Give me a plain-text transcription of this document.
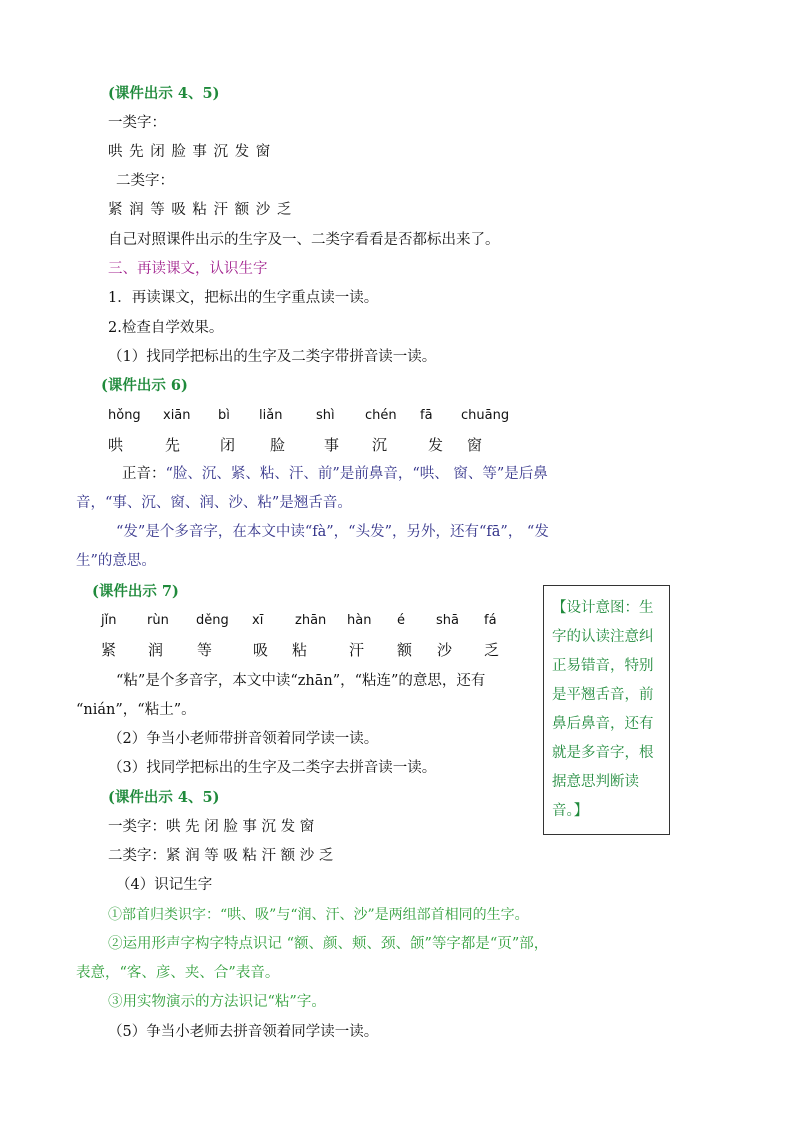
(课件出示 4、5)
一类字：
哄 先 闭 脸 事 沉 发 窗
二类字：
紧 润 等 吸 粘 汗 额 沙 乏
自己对照课件出示的生字及一、二类字看看是否都标出来了。
三、再读课文，认识生字
1．再读课文，把标出的生字重点读一读。
2.检查自学效果。
（1）找同学把标出的生字及二类字带拼音读一读。
(课件出示 6)
hǒng xiān bì liǎn	shì chén fā chuāng
哄	先	闭 脸	事 沉	发 窗
正音：“脸、沉、紧、粘、汗、前”是前鼻音，“哄、 窗、等”是后鼻
音，“事、沉、窗、润、沙、粘”是翘舌音。
“发”是个多音字，在本文中读“fà”，“头发”，另外，还有“fā”， “发
生”的意思。
(课件出示 7)
jǐn rùn děng xī zhān hàn é shā fá
紧 润 等	吸 粘	汗 额 沙 乏
“粘”是个多音字，本文中读“zhān”，“粘连”的意思，还有
“nián”，“粘土”。
（2）争当小老师带拼音领着同学读一读。
（3）找同学把标出的生字及二类字去拼音读一读。
(课件出示 4、5)
一类字：哄 先 闭 脸 事 沉 发 窗
二类字：紧 润 等 吸 粘 汗 额 沙 乏
（4）识记生字
①部首归类识字：“哄、吸”与“润、汗、沙”是两组部首相同的生字。
②运用形声字构字特点识记 “额、颜、颊、颈、颌”等字都是“页”部，
表意，“客、彦、夹、合”表音。
③用实物演示的方法识记“粘”字。
（5）争当小老师去拼音领着同学读一读。
【设计意图：生字的认读注意纠正易错音，特别是平翘舌音，前鼻后鼻音，还有就是多音字，根据意思判断读音。】
